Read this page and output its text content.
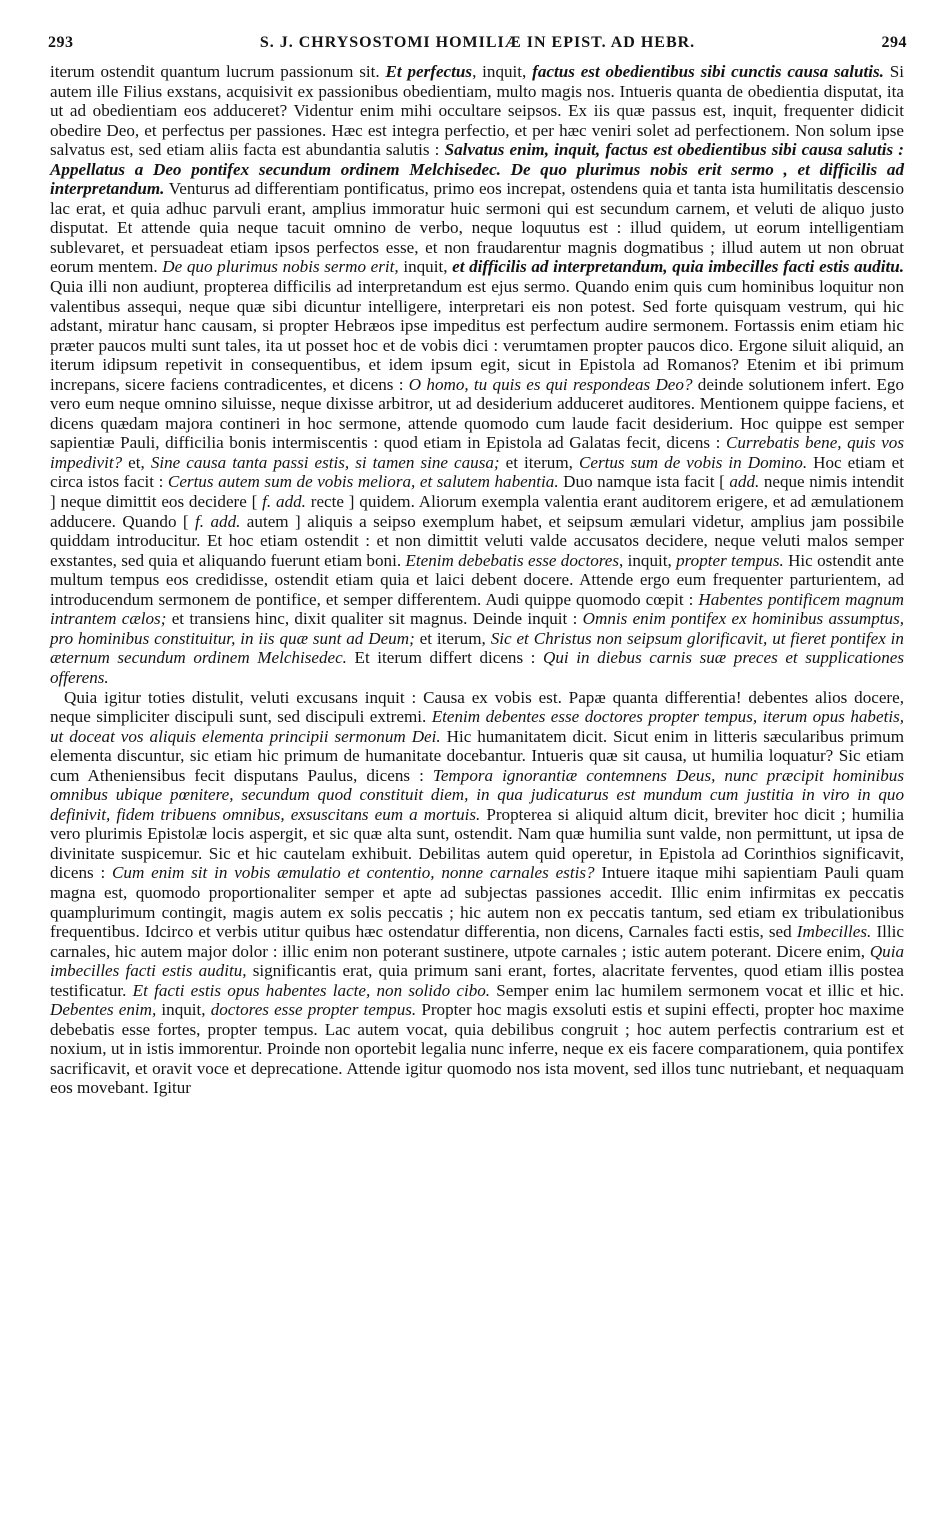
293	S. J. CHRYSOSTOMI HOMILIÆ IN EPIST. AD HEBR.	294

iterum ostendit quantum lucrum passionum sit. Et perfectus, inquit, factus est obedientibus sibi cunctis causa salutis. Si autem ille Filius exstans, acquisivit ex passionibus obedientiam, multo magis nos. Intueris quanta de obedientia disputat, ita ut ad obedientiam eos adduceret? Videntur enim mihi occultare seipsos. Ex iis quæ passus est, inquit, frequenter didicit obedire Deo, et perfectus per passiones. Hæc est integra perfectio, et per hæc veniri solet ad perfectionem. Non solum ipse salvatus est, sed etiam aliis facta est abundantia salutis : Salvatus enim, inquit, factus est obedientibus sibi causa salutis : Appellatus a Deo pontifex secundum ordinem Melchisedec. De quo plurimus nobis erit sermo , et difficilis ad interpretandum. Venturus ad differentiam pontificatus, primo eos increpat, ostendens quia et tanta ista humilitatis descensio lac erat, et quia adhuc parvuli erant, amplius immoratur huic sermoni qui est secundum carnem, et veluti de aliquo justo disputat. Et attende quia neque tacuit omnino de verbo, neque loquutus est : illud quidem, ut eorum intelligentiam sublevaret, et persuadeat etiam ipsos perfectos esse, et non fraudarentur magnis dogmatibus ; illud autem ut non obruat eorum mentem. De quo plurimus nobis sermo erit, inquit, et difficilis ad interpretandum, quia imbecilles facti estis auditu. Quia illi non audiunt, propterea difficilis ad interpretandum est ejus sermo. Quando enim quis cum hominibus loquitur non valentibus assequi, neque quæ sibi dicuntur intelligere, interpretari eis non potest. Sed forte quisquam vestrum, qui hic adstant, miratur hanc causam, si propter Hebræos ipse impeditus est perfectum audire sermonem. Fortassis enim etiam hic præter paucos multi sunt tales, ita ut posset hoc et de vobis dici : verumtamen propter paucos dico. Ergone siluit aliquid, an iterum idipsum repetivit in consequentibus, et idem ipsum egit, sicut in Epistola ad Romanos? Etenim et ibi primum increpans, sicere faciens contradicentes, et dicens : O homo, tu quis es qui respondeas Deo? deinde solutionem infert. Ego vero eum neque omnino siluisse, neque dixisse arbitror, ut ad desiderium adduceret auditores. Mentionem quippe faciens, et dicens quædam majora contineri in hoc sermone, attende quomodo cum laude facit desiderium. Hoc quippe est semper sapientiæ Pauli, difficilia bonis intermiscentis : quod etiam in Epistola ad Galatas fecit, dicens : Currebatis bene, quis vos impedivit? et, Sine causa tanta passi estis, si tamen sine causa; et iterum, Certus sum de vobis in Domino. Hoc etiam et circa istos facit : Certus autem sum de vobis meliora, et salutem habentia. Duo namque ista facit [ add. neque nimis intendit ] neque dimittit eos decidere [ f. add. recte ] quidem. Aliorum exempla valentia erant auditorem erigere, et ad æmulationem adducere. Quando [ f. add. autem ] aliquis a seipso exemplum habet, et seipsum æmulari videtur, amplius jam possibile quiddam introducitur. Et hoc etiam ostendit : et non dimittit veluti valde accusatos decidere, neque veluti malos semper exstantes, sed quia et aliquando fuerunt etiam boni. Etenim debebatis esse doctores, inquit, propter tempus. Hic ostendit ante multum tempus eos credidisse, ostendit etiam quia et laici debent docere. Attende ergo eum frequenter parturientem, ad introducendum sermonem de pontifice, et semper differentem. Audi quippe quomodo cœpit : Habentes pontificem magnum intrantem cælos; et transiens hinc, dixit qualiter sit magnus. Deinde inquit : Omnis enim pontifex ex hominibus assumptus, pro hominibus constituitur, in iis quæ sunt ad Deum; et iterum, Sic et Christus non seipsum glorificavit, ut fieret pontifex in æternum secundum ordinem Melchisedec. Et iterum differt dicens : Qui in diebus carnis suæ preces et supplicationes offerens.

Quia igitur toties distulit, veluti excusans inquit : Causa ex vobis est. Papæ quanta differentia! debentes alios docere, neque simpliciter discipuli sunt, sed discipuli extremi. Etenim debentes esse doctores propter tempus, iterum opus habetis, ut doceat vos aliquis elementa principii sermonum Dei. Hic humanitatem dicit. Sicut enim in litteris sæcularibus primum elementa discuntur, sic etiam hic primum de humanitate docebantur. Intueris quæ sit causa, ut humilia loquatur? Sic etiam cum Atheniensibus fecit disputans Paulus, dicens : Tempora ignorantiæ contemnens Deus, nunc præcipit hominibus omnibus ubique pœnitere, secundum quod constituit diem, in qua judicaturus est mundum cum justitia in viro in quo definivit, fidem tribuens omnibus, exsuscitans eum a mortuis. Propterea si aliquid altum dicit, breviter hoc dicit ; humilia vero plurimis Epistolæ locis aspergit, et sic quæ alta sunt, ostendit. Nam quæ humilia sunt valde, non permittunt, ut ipsa de divinitate suspicemur. Sic et hic cautelam exhibuit. Debilitas autem quid operetur, in Epistola ad Corinthios significavit, dicens : Cum enim sit in vobis æmulatio et contentio, nonne carnales estis? Intuere itaque mihi sapientiam Pauli quam magna est, quomodo proportionaliter semper et apte ad subjectas passiones accedit. Illic enim infirmitas ex peccatis quamplurimum contingit, magis autem ex solis peccatis ; hic autem non ex peccatis tantum, sed etiam ex tribulationibus frequentibus. Idcirco et verbis utitur quibus hæc ostendatur differentia, non dicens, Carnales facti estis, sed Imbecilles. Illic carnales, hic autem major dolor : illic enim non poterant sustinere, utpote carnales ; istic autem poterant. Dicere enim, Quia imbecilles facti estis auditu, significantis erat, quia primum sani erant, fortes, alacritate ferventes, quod etiam illis postea testificatur. Et facti estis opus habentes lacte, non solido cibo. Semper enim lac humilem sermonem vocat et illic et hic. Debentes enim, inquit, doctores esse propter tempus. Propter hoc magis exsoluti estis et supini effecti, propter hoc maxime debebatis esse fortes, propter tempus. Lac autem vocat, quia debilibus congruit ; hoc autem perfectis contrarium est et noxium, ut in istis immorentur. Proinde non oportebit legalia nunc inferre, neque ex eis facere comparationem, quia pontifex sacrificavit, et oravit voce et deprecatione. Attende igitur quomodo nos ista movent, sed illos tunc nutriebant, et nequaquam eos movebant. Igitur
